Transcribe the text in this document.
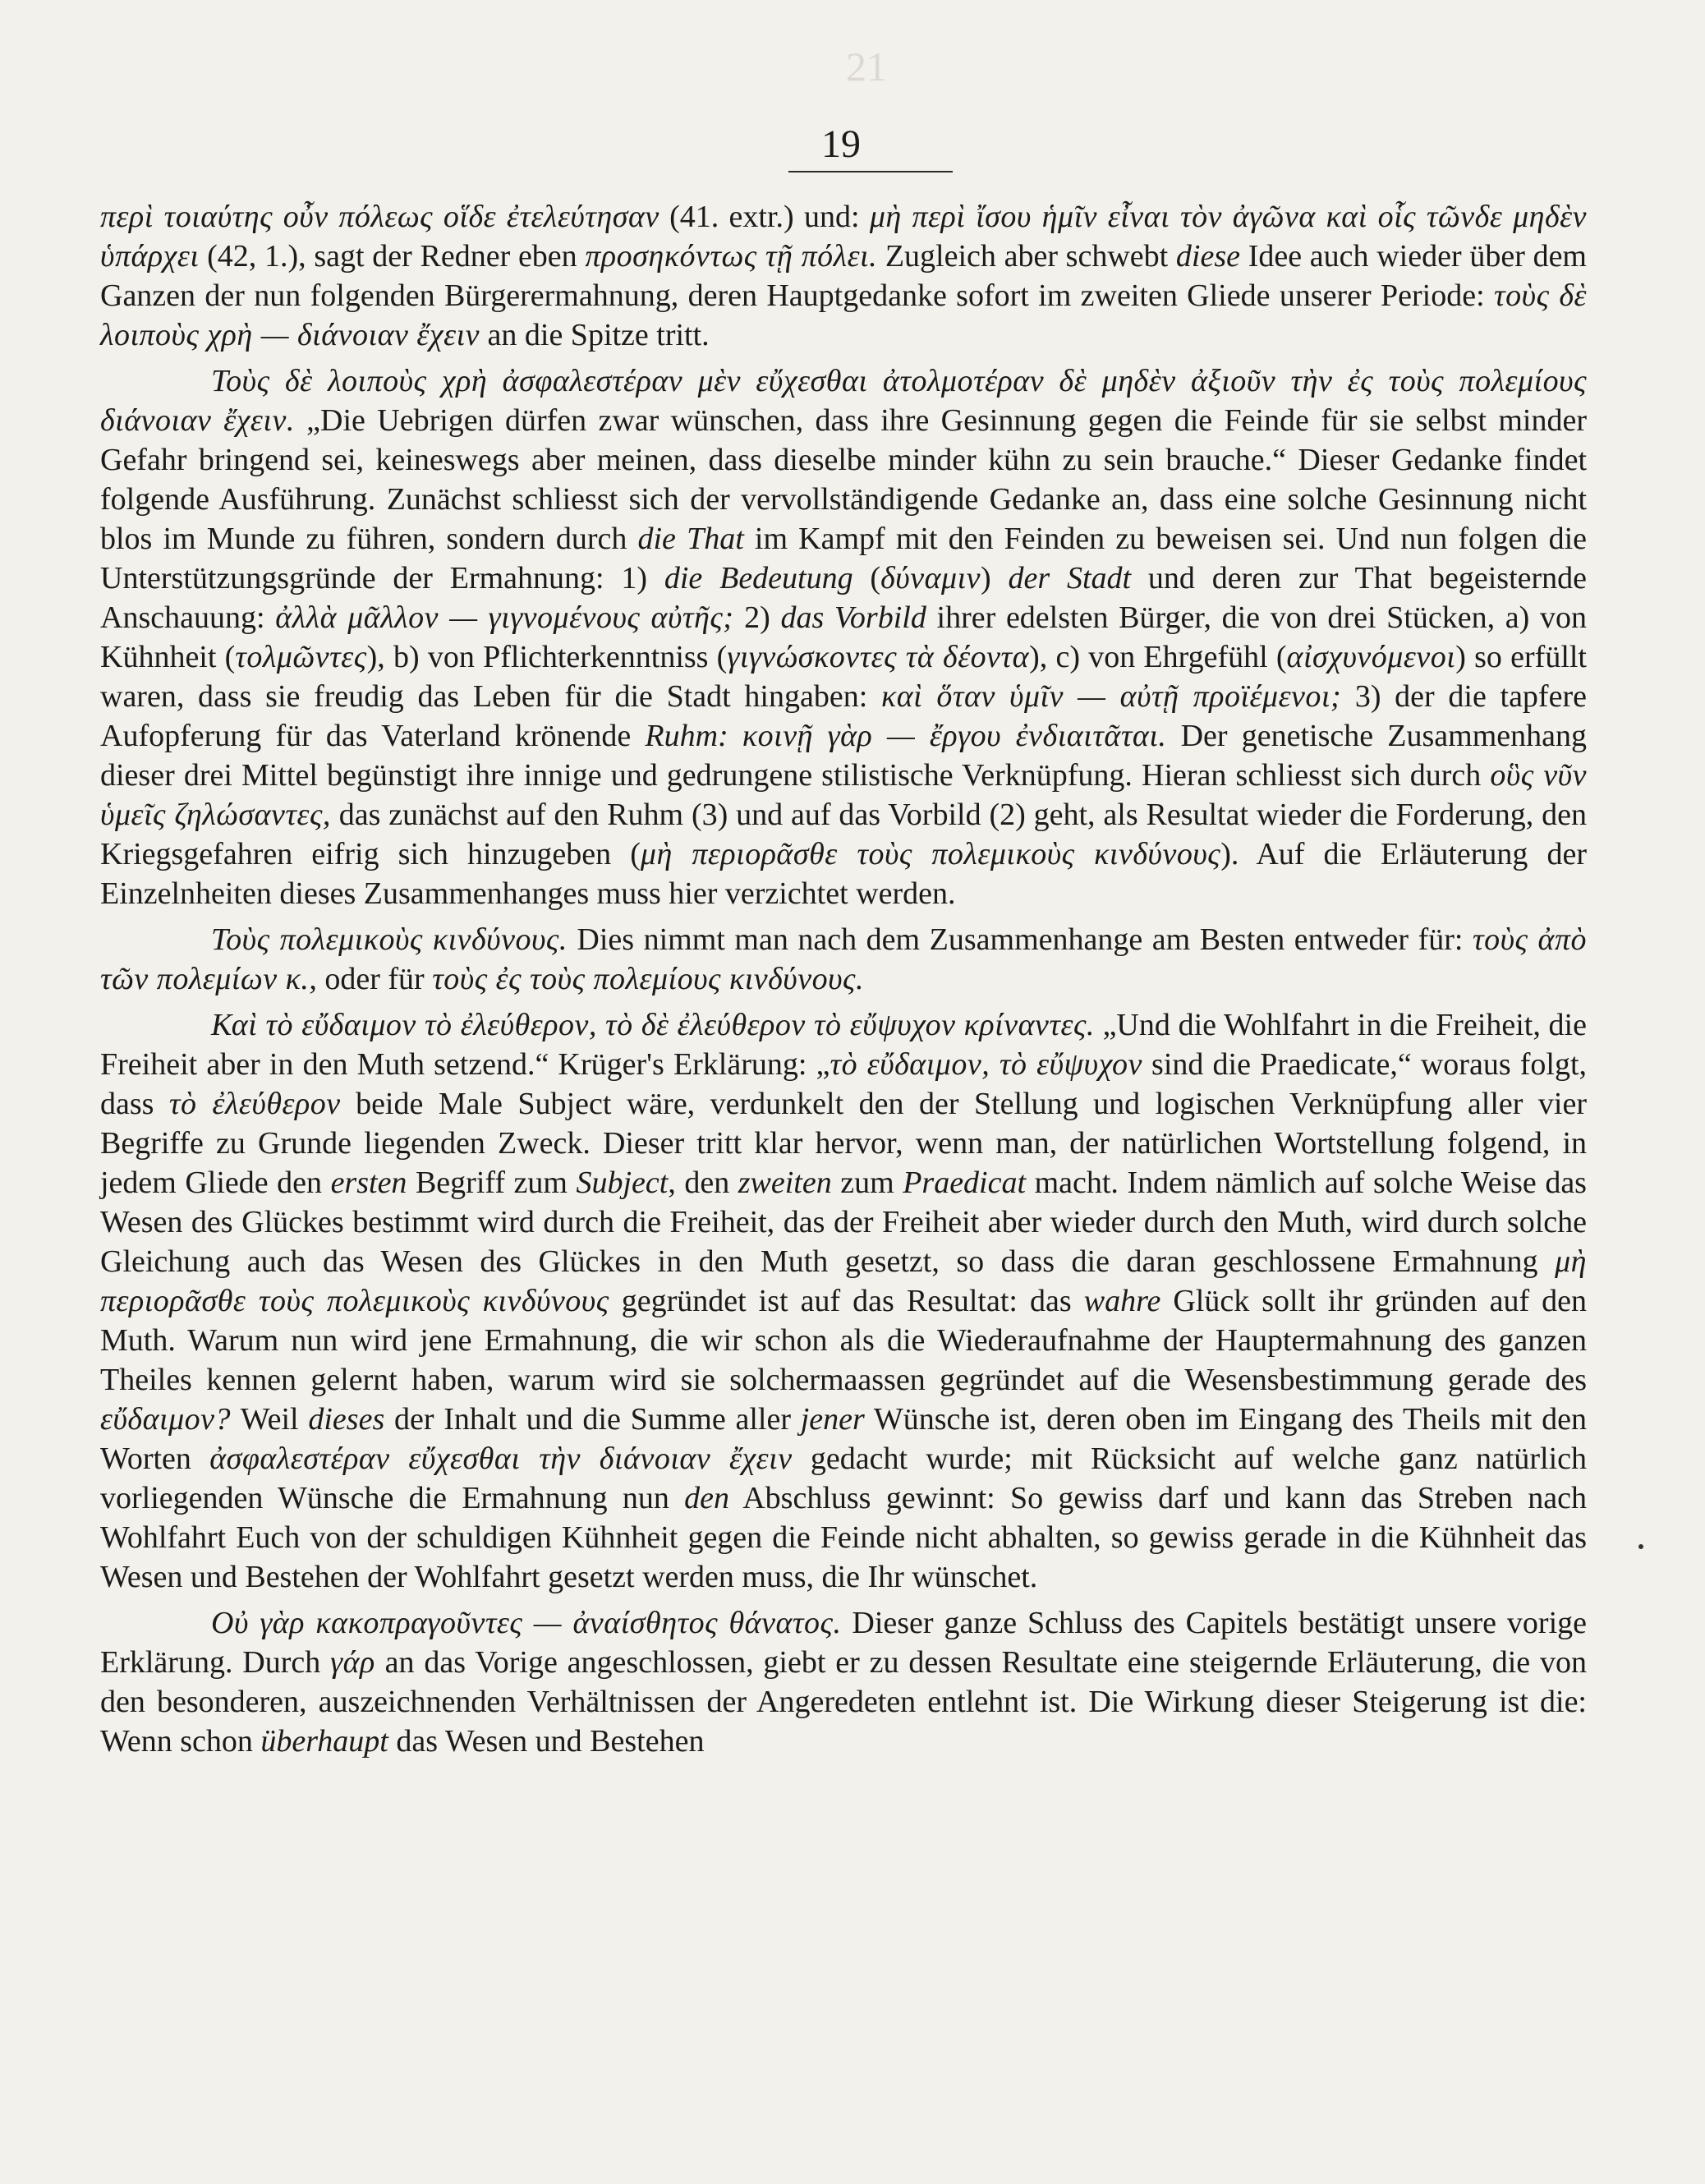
21
19

περὶ τοιαύτης οὖν πόλεως οἵδε ἐτελεύτησαν (41. extr.) und: μὴ περὶ ἴσου ἡμῖν εἶναι τὸν ἀγῶνα καὶ οἷς τῶνδε μηδὲν ὑπάρχει (42, 1.), sagt der Redner eben προσηκόντως τῇ πόλει. Zugleich aber schwebt diese Idee auch wieder über dem Ganzen der nun folgenden Bürgerermahnung, deren Hauptgedanke sofort im zweiten Gliede unserer Periode: τοὺς δὲ λοιποὺς χρὴ — διάνοιαν ἔχειν an die Spitze tritt.

Τοὺς δὲ λοιποὺς χρὴ ἀσφαλεστέραν μὲν εὔχεσθαι ἀτολμοτέραν δὲ μηδὲν ἀξιοῦν τὴν ἐς τοὺς πολεμίους διάνοιαν ἔχειν. „Die Uebrigen dürfen zwar wünschen, dass ihre Gesinnung gegen die Feinde für sie selbst minder Gefahr bringend sei, keineswegs aber meinen, dass dieselbe minder kühn zu sein brauche.“ Dieser Gedanke findet folgende Ausführung. Zunächst schliesst sich der vervollständigende Gedanke an, dass eine solche Gesinnung nicht blos im Munde zu führen, sondern durch die That im Kampf mit den Feinden zu beweisen sei. Und nun folgen die Unterstützungsgründe der Ermahnung: 1) die Bedeutung (δύναμιν) der Stadt und deren zur That begeisternde Anschauung: ἀλλὰ μᾶλλον — γιγνομένους αὐτῆς; 2) das Vorbild ihrer edelsten Bürger, die von drei Stücken, a) von Kühnheit (τολμῶντες), b) von Pflichterkenntniss (γιγνώσκοντες τὰ δέοντα), c) von Ehrgefühl (αἰσχυνόμενοι) so erfüllt waren, dass sie freudig das Leben für die Stadt hingaben: καὶ ὅταν ὑμῖν — αὐτῇ προϊέμενοι; 3) der die tapfere Aufopferung für das Vaterland krönende Ruhm: κοινῇ γὰρ — ἔργου ἐνδιαιτᾶται. Der genetische Zusammenhang dieser drei Mittel begünstigt ihre innige und gedrungene stilistische Verknüpfung. Hieran schliesst sich durch οὓς νῦν ὑμεῖς ζηλώσαντες, das zunächst auf den Ruhm (3) und auf das Vorbild (2) geht, als Resultat wieder die Forderung, den Kriegsgefahren eifrig sich hinzugeben (μὴ περιορᾶσθε τοὺς πολεμικοὺς κινδύνους). Auf die Erläuterung der Einzelnheiten dieses Zusammenhanges muss hier verzichtet werden.

Τοὺς πολεμικοὺς κινδύνους. Dies nimmt man nach dem Zusammenhange am Besten entweder für: τοὺς ἀπὸ τῶν πολεμίων κ., oder für τοὺς ἐς τοὺς πολεμίους κινδύνους.

Καὶ τὸ εὔδαιμον τὸ ἐλεύθερον, τὸ δὲ ἐλεύθερον τὸ εὔψυχον κρίναντες. „Und die Wohlfahrt in die Freiheit, die Freiheit aber in den Muth setzend.“ Krüger's Erklärung: „τὸ εὔδαιμον, τὸ εὔψυχον sind die Praedicate,“ woraus folgt, dass τὸ ἐλεύθερον beide Male Subject wäre, verdunkelt den der Stellung und logischen Verknüpfung aller vier Begriffe zu Grunde liegenden Zweck. Dieser tritt klar hervor, wenn man, der natürlichen Wortstellung folgend, in jedem Gliede den ersten Begriff zum Subject, den zweiten zum Praedicat macht. Indem nämlich auf solche Weise das Wesen des Glückes bestimmt wird durch die Freiheit, das der Freiheit aber wieder durch den Muth, wird durch solche Gleichung auch das Wesen des Glückes in den Muth gesetzt, so dass die daran geschlossene Ermahnung μὴ περιορᾶσθε τοὺς πολεμικοὺς κινδύνους gegründet ist auf das Resultat: das wahre Glück sollt ihr gründen auf den Muth. Warum nun wird jene Ermahnung, die wir schon als die Wiederaufnahme der Hauptermahnung des ganzen Theiles kennen gelernt haben, warum wird sie solchermaassen gegründet auf die Wesensbestimmung gerade des εὔδαιμον? Weil dieses der Inhalt und die Summe aller jener Wünsche ist, deren oben im Eingang des Theils mit den Worten ἀσφαλεστέραν εὔχεσθαι τὴν διάνοιαν ἔχειν gedacht wurde; mit Rücksicht auf welche ganz natürlich vorliegenden Wünsche die Ermahnung nun den Abschluss gewinnt: So gewiss darf und kann das Streben nach Wohlfahrt Euch von der schuldigen Kühnheit gegen die Feinde nicht abhalten, so gewiss gerade in die Kühnheit das Wesen und Bestehen der Wohlfahrt gesetzt werden muss, die Ihr wünschet.

Οὐ γὰρ κακοπραγοῦντες — ἀναίσθητος θάνατος. Dieser ganze Schluss des Capitels bestätigt unsere vorige Erklärung. Durch γάρ an das Vorige angeschlossen, giebt er zu dessen Resultate eine steigernde Erläuterung, die von den besonderen, auszeichnenden Verhältnissen der Angeredeten entlehnt ist. Die Wirkung dieser Steigerung ist die: Wenn schon überhaupt das Wesen und Bestehen
